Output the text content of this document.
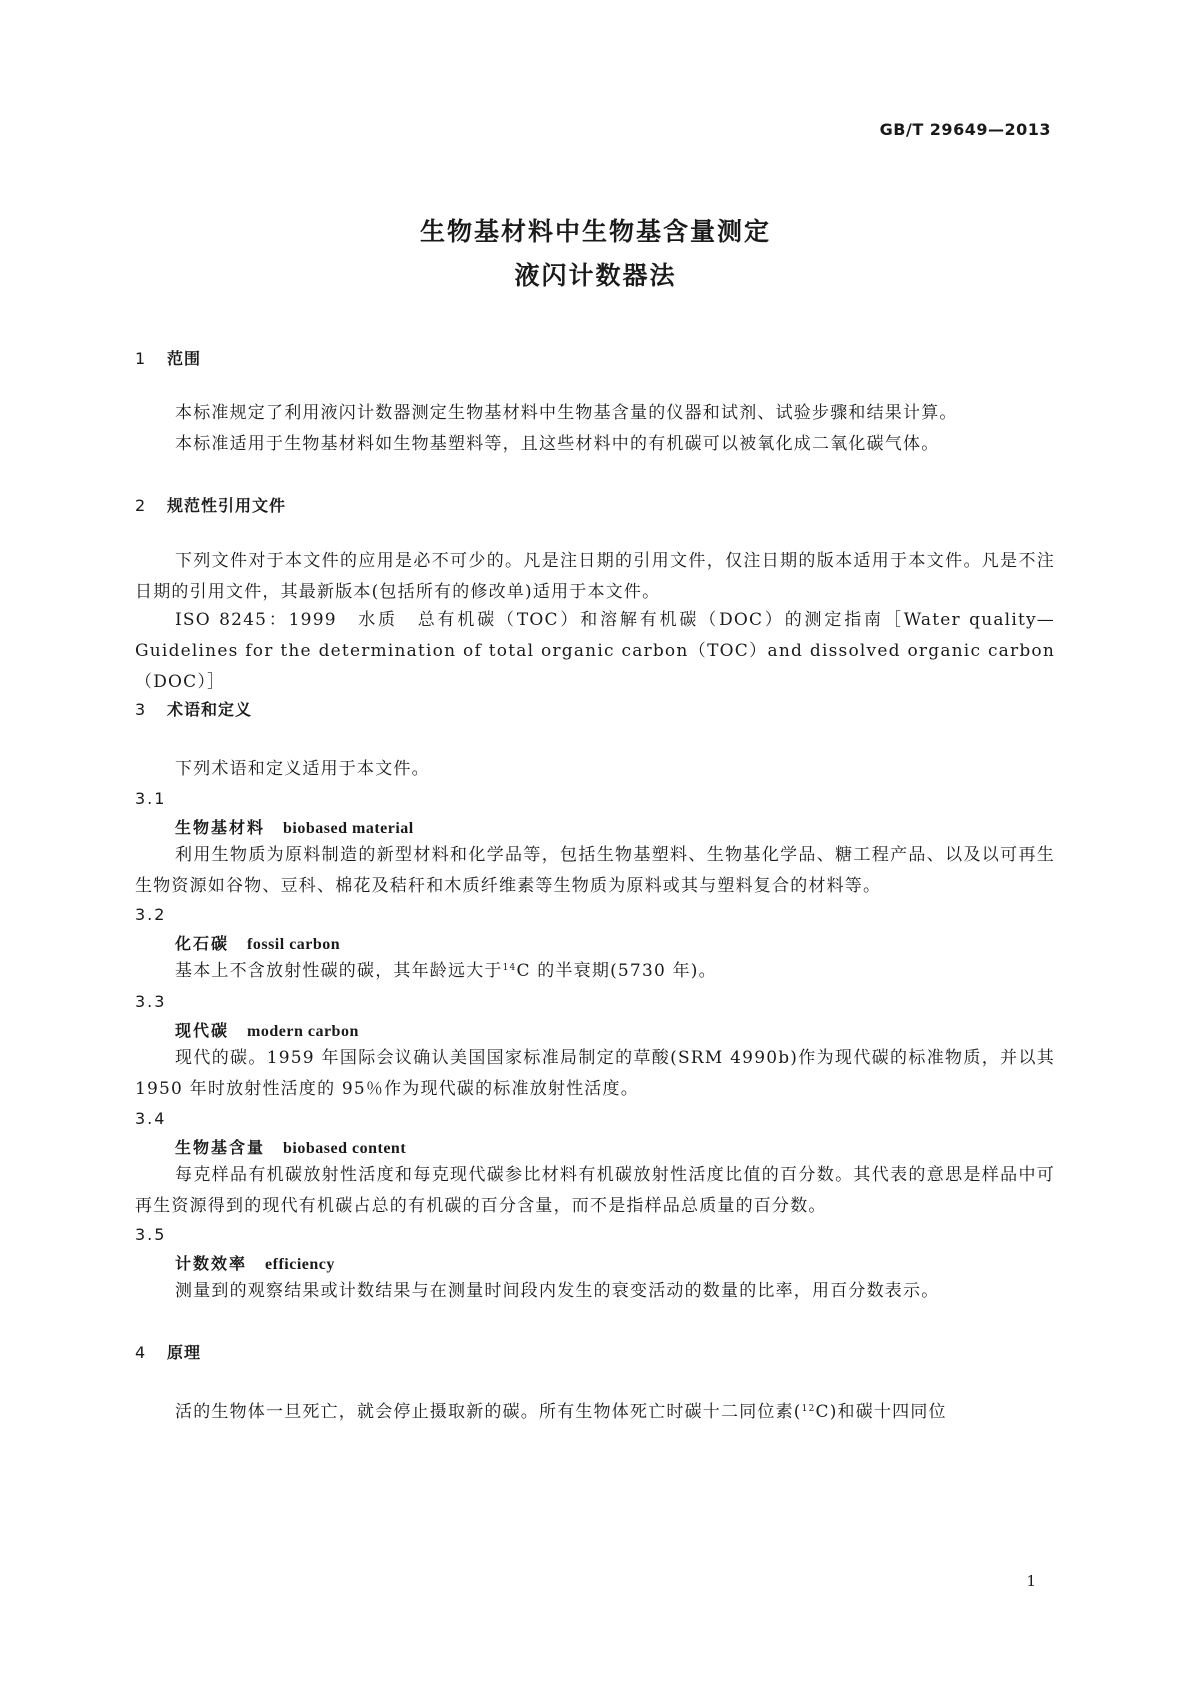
GB/T 29649—2013
生物基材料中生物基含量测定
液闪计数器法
1 范围

本标准规定了利用液闪计数器测定生物基材料中生物基含量的仪器和试剂、试验步骤和结果计算。

本标准适用于生物基材料如生物基塑料等，且这些材料中的有机碳可以被氧化成二氧化碳气体。

2 规范性引用文件

下列文件对于本文件的应用是必不可少的。凡是注日期的引用文件，仅注日期的版本适用于本文件。凡是不注日期的引用文件，其最新版本(包括所有的修改单)适用于本文件。

ISO 8245：1999　水质　总有机碳（TOC）和溶解有机碳（DOC）的测定指南［Water quality—Guidelines for the determination of total organic carbon（TOC）and dissolved organic carbon（DOC）］

3 术语和定义

下列术语和定义适用于本文件。

3.1
生物基材料 biobased material

利用生物质为原料制造的新型材料和化学品等，包括生物基塑料、生物基化学品、糖工程产品、以及以可再生生物资源如谷物、豆科、棉花及秸秆和木质纤维素等生物质为原料或其与塑料复合的材料等。

3.2
化石碳 fossil carbon

基本上不含放射性碳的碳，其年龄远大于$^{14}$C 的半衰期(5730 年)。

3.3
现代碳 modern carbon

现代的碳。1959 年国际会议确认美国国家标准局制定的草酸(SRM 4990b)作为现代碳的标准物质，并以其 1950 年时放射性活度的 95％作为现代碳的标准放射性活度。

3.4
生物基含量 biobased content

每克样品有机碳放射性活度和每克现代碳参比材料有机碳放射性活度比值的百分数。其代表的意思是样品中可再生资源得到的现代有机碳占总的有机碳的百分含量，而不是指样品总质量的百分数。

3.5
计数效率 efficiency

测量到的观察结果或计数结果与在测量时间段内发生的衰变活动的数量的比率，用百分数表示。

4 原理

活的生物体一旦死亡，就会停止摄取新的碳。所有生物体死亡时碳十二同位素($^{12}$C)和碳十四同位

1
